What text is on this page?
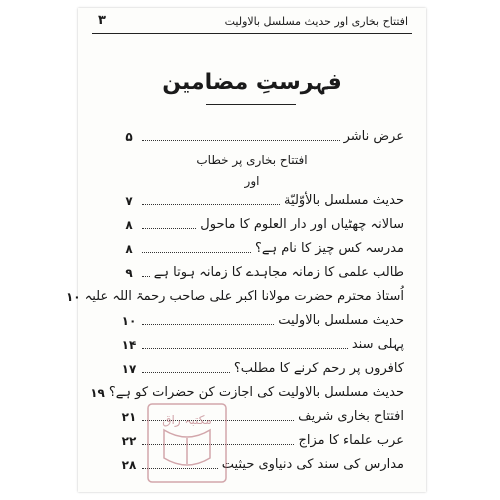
افتتاح بخاری اور حدیث مسلسل بالاولیت
۳
فہرستِ مضامین
عرض ناشر
۵
افتتاح بخاری پر خطاب
اور
حدیث مسلسل بالأوّليّة
۷
سالانہ چھٹیاں اور دار العلوم کا ماحول
۸
مدرسہ کس چیز کا نام ہے؟
۸
طالب علمی کا زمانہ مجاہدے کا زمانہ ہوتا ہے
۹
اُستاذ محترم حضرت مولانا اکبر علی صاحب رحمۃ اللہ علیہ
۱۰
حدیث مسلسل بالاولیت
۱۰
پہلی سند
۱۴
کافروں پر رحم کرنے کا مطلب؟
۱۷
حدیث مسلسل بالاولیت کی اجازت کن حضرات کو ہے؟
۱۹
افتتاح بخاری شریف
۲۱
عرب علماء کا مزاج
۲۲
مدارس کی سند کی دنیاوی حیثیت
۲۸
مکتبہ راق
